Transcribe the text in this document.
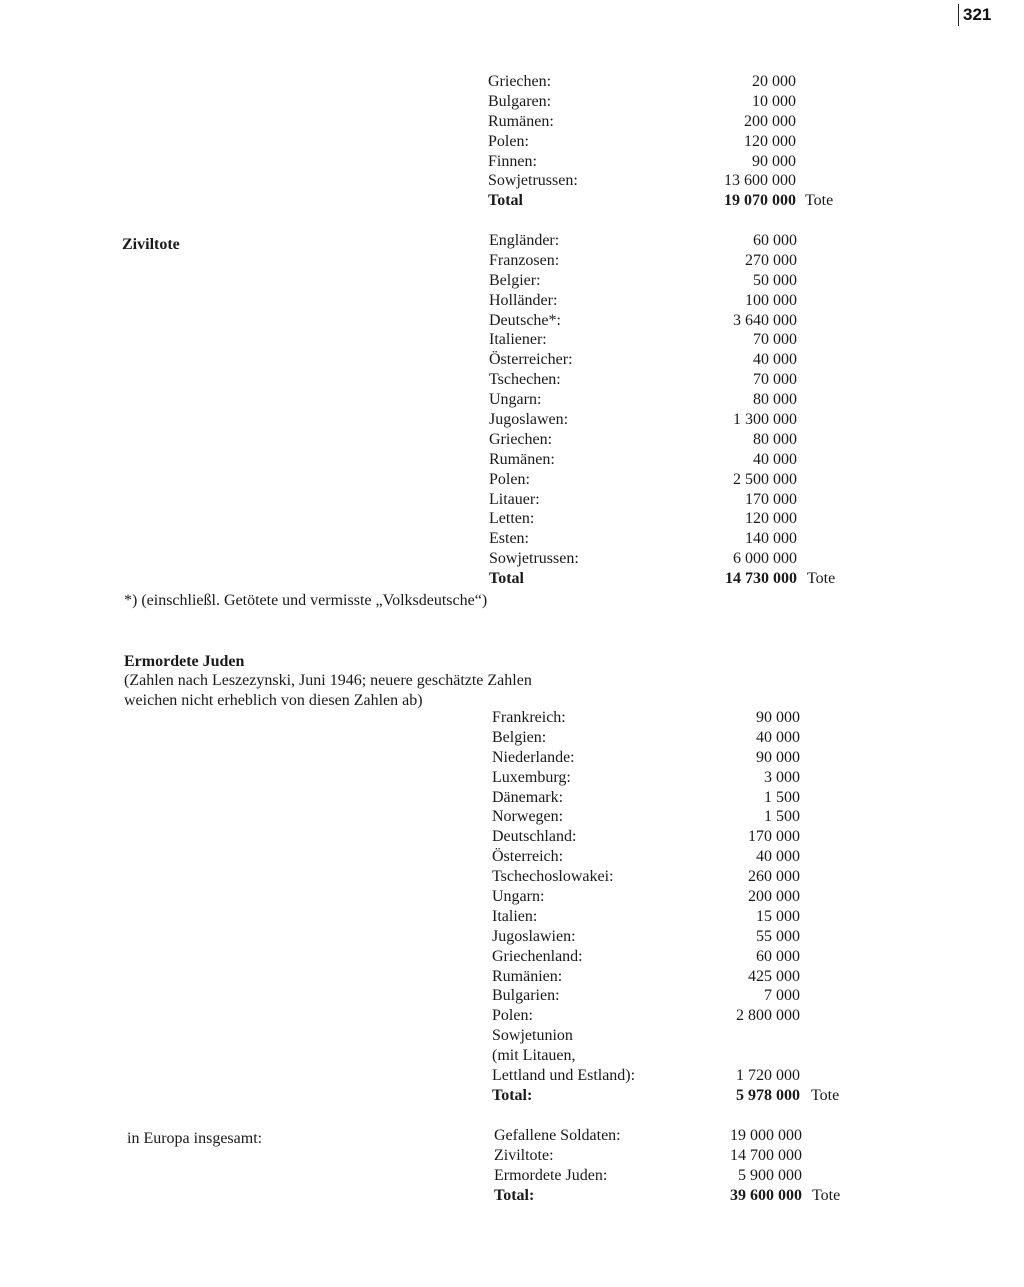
321
Griechen:	20 000
Bulgaren:	10 000
Rumänen:	200 000
Polen:	120 000
Finnen:	90 000
Sowjetrussen:	13 600 000
Total	19 070 000 Tote
Ziviltote	Engländer:	60 000
Franzosen:	270 000
Belgier:	50 000
Holländer:	100 000
Deutsche*:	3 640 000
Italiener:	70 000
Österreicher:	40 000
Tschechen:	70 000
Ungarn:	80 000
Jugoslawen:	1 300 000
Griechen:	80 000
Rumänen:	40 000
Polen:	2 500 000
Litauer:	170 000
Letten:	120 000
Esten:	140 000
Sowjetrussen:	6 000 000
Total	14 730 000 Tote
*) (einschließl. Getötete und vermisste „Volksdeutsche“)
Ermordete Juden
(Zahlen nach Leszezynski, Juni 1946; neuere geschätzte Zahlen
weichen nicht erheblich von diesen Zahlen ab)
Frankreich:	90 000
Belgien:	40 000
Niederlande:	90 000
Luxemburg:	3 000
Dänemark:	1 500
Norwegen:	1 500
Deutschland:	170 000
Österreich:	40 000
Tschechoslowakei:	260 000
Ungarn:	200 000
Italien:	15 000
Jugoslawien:	55 000
Griechenland:	60 000
Rumänien:	425 000
Bulgarien:	7 000
Polen:	2 800 000
Sowjetunion
(mit Litauen,
Lettland und Estland):	1 720 000
Total:	5 978 000 Tote
in Europa insgesamt:	Gefallene Soldaten:	19 000 000
Ziviltote:	14 700 000
Ermordete Juden:	5 900 000
Total:	39 600 000 Tote
